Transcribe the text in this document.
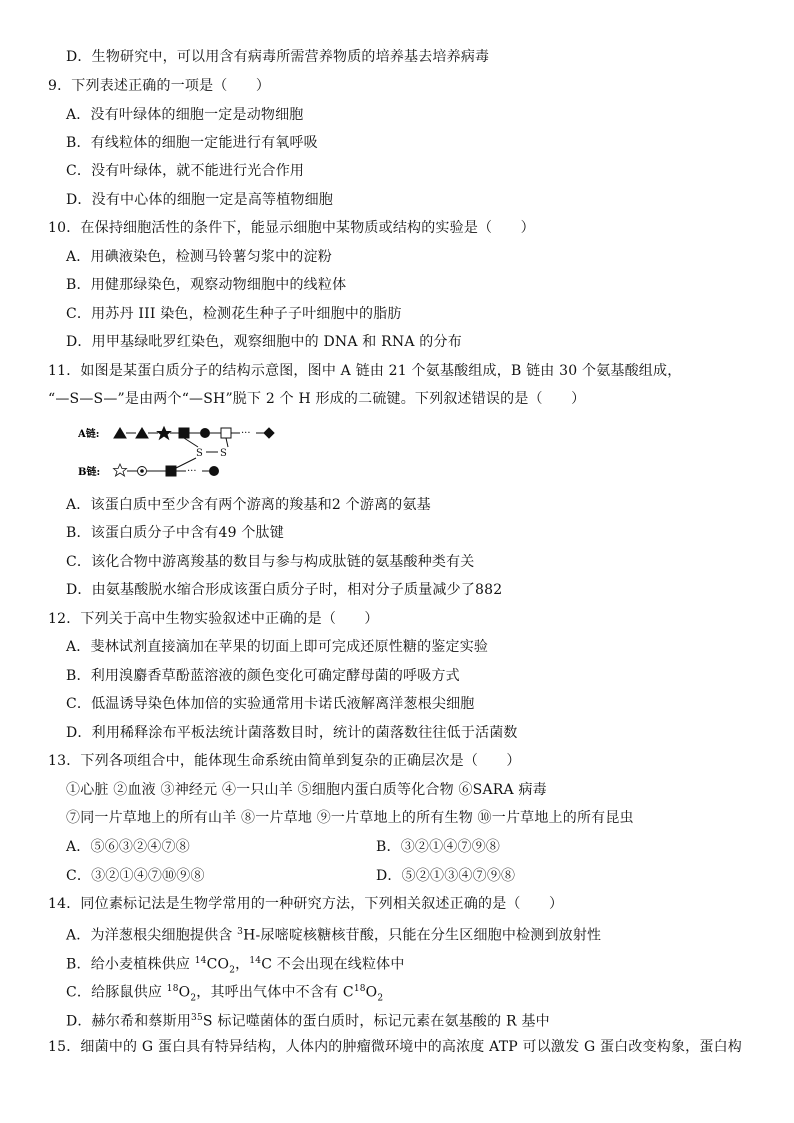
D．生物研究中，可以用含有病毒所需营养物质的培养基去培养病毒
9．下列表述正确的一项是（　　）
A．没有叶绿体的细胞一定是动物细胞
B．有线粒体的细胞一定能进行有氧呼吸
C．没有叶绿体，就不能进行光合作用
D．没有中心体的细胞一定是高等植物细胞
10．在保持细胞活性的条件下，能显示细胞中某物质或结构的实验是（　　）
A．用碘液染色，检测马铃薯匀浆中的淀粉
B．用健那绿染色，观察动物细胞中的线粒体
C．用苏丹 III 染色，检测花生种子子叶细胞中的脂肪
D．用甲基绿吡罗红染色，观察细胞中的 DNA 和 RNA 的分布
11．如图是某蛋白质分子的结构示意图，图中 A 链由 21 个氨基酸组成，B 链由 30 个氨基酸组成，
“—S—S—”是由两个“—SH”脱下 2 个 H 形成的二硫键。下列叙述错误的是（　　）
A链:	···
S S
B链:	···
A．该蛋白质中至少含有两个游离的羧基和2 个游离的氨基
B．该蛋白质分子中含有49 个肽键
C．该化合物中游离羧基的数目与参与构成肽链的氨基酸种类有关
D．由氨基酸脱水缩合形成该蛋白质分子时，相对分子质量减少了882
12．下列关于高中生物实验叙述中正确的是（　　）
A．斐林试剂直接滴加在苹果的切面上即可完成还原性糖的鉴定实验
B．利用溴麝香草酚蓝溶液的颜色变化可确定酵母菌的呼吸方式
C．低温诱导染色体加倍的实验通常用卡诺氏液解离洋葱根尖细胞
D．利用稀释涂布平板法统计菌落数目时，统计的菌落数往往低于活菌数
13．下列各项组合中，能体现生命系统由简单到复杂的正确层次是（　　）
①心脏 ②血液 ③神经元 ④一只山羊 ⑤细胞内蛋白质等化合物 ⑥SARA 病毒
⑦同一片草地上的所有山羊 ⑧一片草地 ⑨一片草地上的所有生物 ⑩一片草地上的所有昆虫
A．⑤⑥③②④⑦⑧	B．③②①④⑦⑨⑧
C．③②①④⑦⑩⑨⑧	D．⑤②①③④⑦⑨⑧
14．同位素标记法是生物学常用的一种研究方法，下列相关叙述正确的是（　　）
A．为洋葱根尖细胞提供含 $^3$H-尿嘧啶核糖核苷酸，只能在分生区细胞中检测到放射性
B．给小麦植株供应 $^{14}CO_2$，$^{14}$C 不会出现在线粒体中
C．给豚鼠供应 $^{18}O_2$，其呼出气体中不含有 $C^{18}O_2$
D．赫尔希和蔡斯用$^{35}$S 标记噬菌体的蛋白质时，标记元素在氨基酸的 R 基中
15．细菌中的 G 蛋白具有特异结构，人体内的肿瘤微环境中的高浓度 ATP 可以激发 G 蛋白改变构象，蛋白构
